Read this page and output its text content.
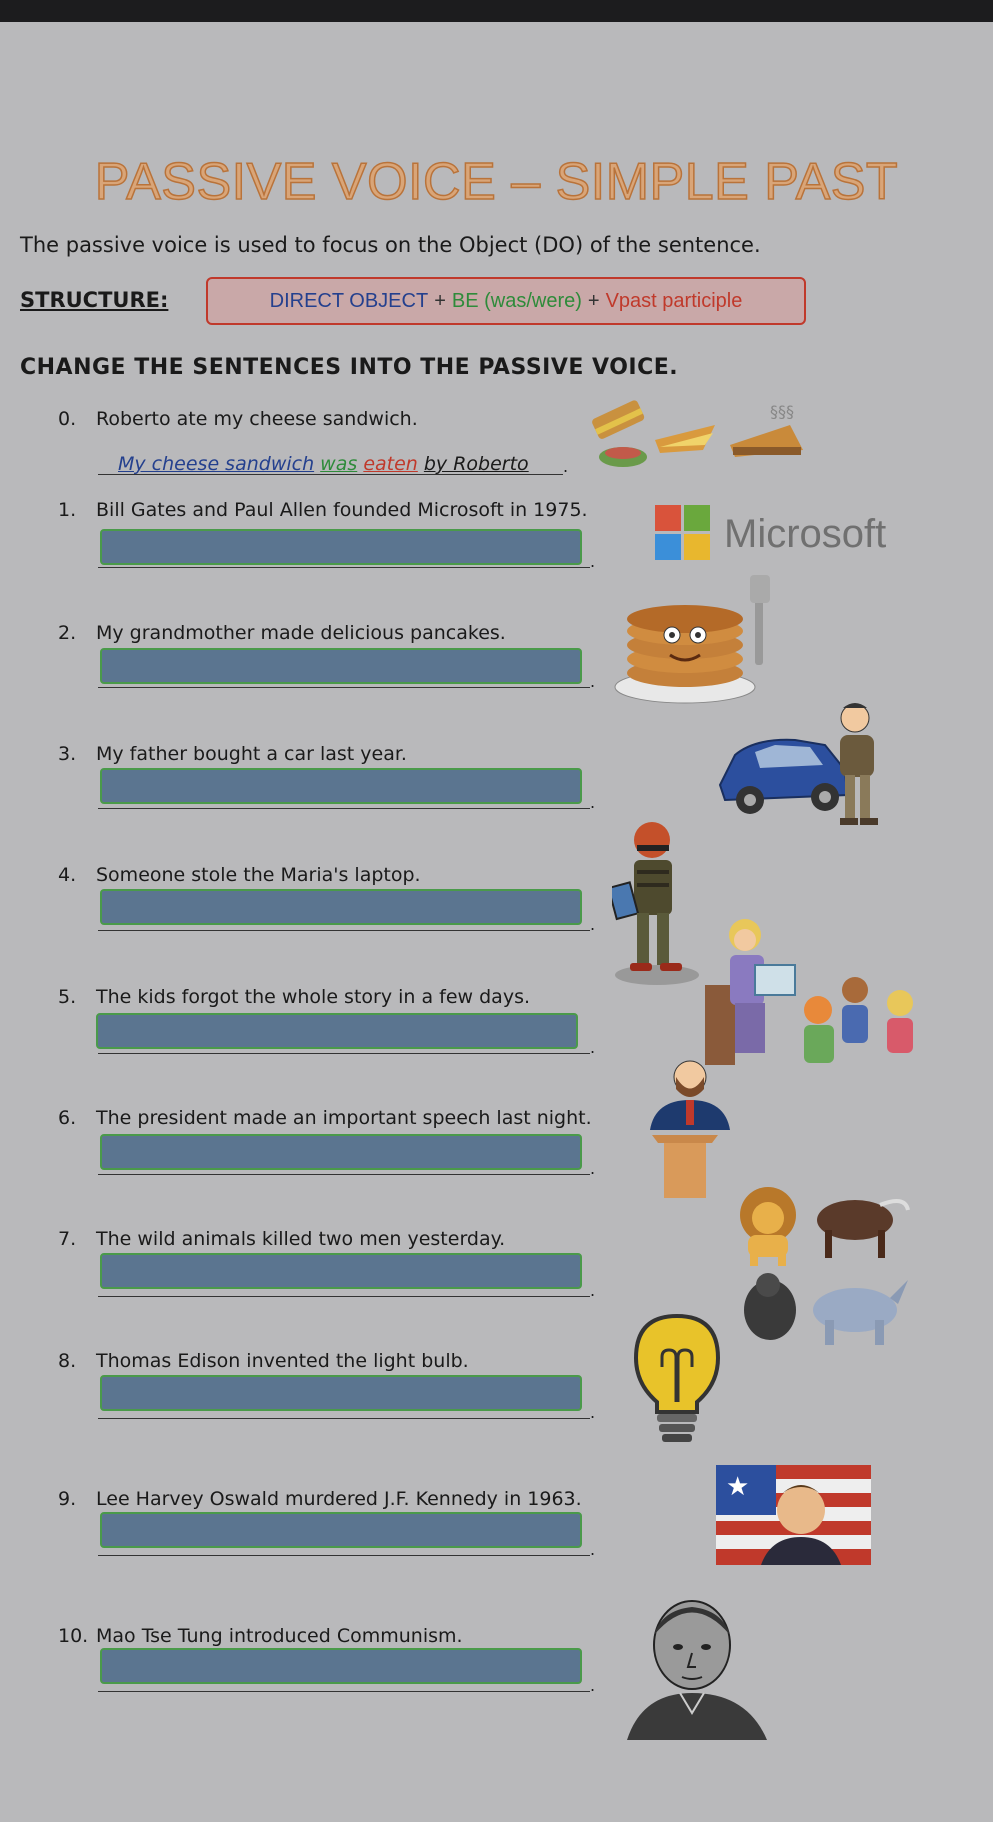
PASSIVE VOICE – SIMPLE PAST
The passive voice is used to focus on the Object (DO) of the sentence.
STRUCTURE:	DIRECT OBJECT + BE (was/were) + Vpast participle
CHANGE THE SENTENCES INTO THE PASSIVE VOICE.
0. Roberto ate my cheese sandwich.
.
My cheese sandwich was eaten by Roberto
1. Bill Gates and Paul Allen founded Microsoft in 1975.
.
2. My grandmother made delicious pancakes.
.
3. My father bought a car last year.
.
4. Someone stole the Maria's laptop.
.
5. The kids forgot the whole story in a few days.
.
6. The president made an important speech last night.
.
7. The wild animals killed two men yesterday.
.
8. Thomas Edison invented the light bulb.
.
9. Lee Harvey Oswald murdered J.F. Kennedy in 1963.
.
10. Mao Tse Tung introduced Communism.
.
§§§
Microsoft
★
